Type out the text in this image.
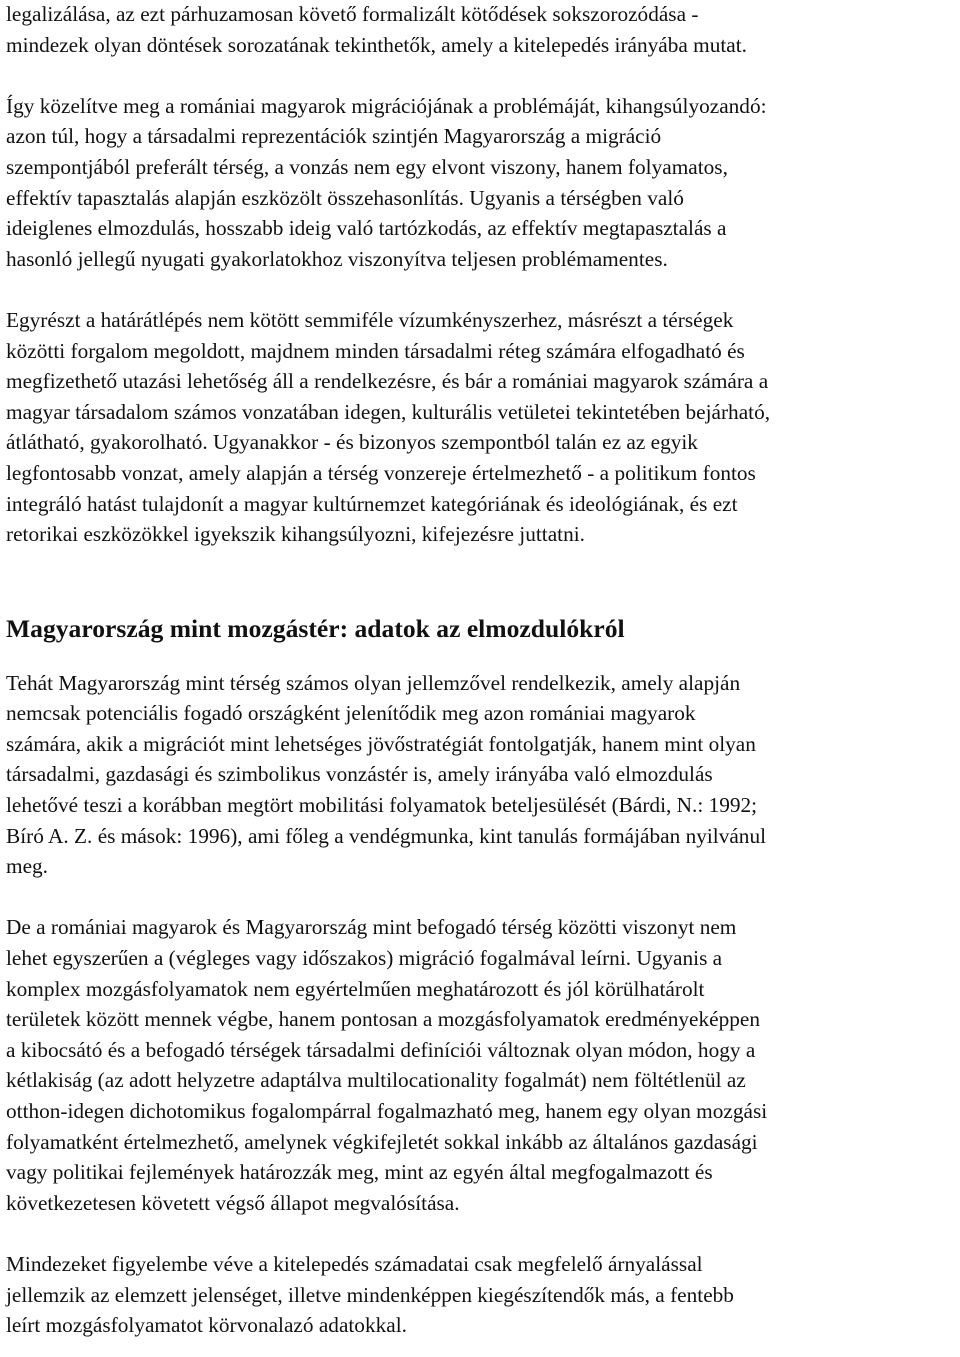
legalizálása, az ezt párhuzamosan követő formalizált kötődések sokszorozódása -
mindezek olyan döntések sorozatának tekinthetők, amely a kitelepedés irányába mutat.
Így közelítve meg a romániai magyarok migrációjának a problémáját, kihangsúlyozandó:
azon túl, hogy a társadalmi reprezentációk szintjén Magyarország a migráció
szempontjából preferált térség, a vonzás nem egy elvont viszony, hanem folyamatos,
effektív tapasztalás alapján eszközölt összehasonlítás. Ugyanis a térségben való
ideiglenes elmozdulás, hosszabb ideig való tartózkodás, az effektív megtapasztalás a
hasonló jellegű nyugati gyakorlatokhoz viszonyítva teljesen problémamentes.
Egyrészt a határátlépés nem kötött semmiféle vízumkényszerhez, másrészt a térségek
közötti forgalom megoldott, majdnem minden társadalmi réteg számára elfogadható és
megfizethető utazási lehetőség áll a rendelkezésre, és bár a romániai magyarok számára a
magyar társadalom számos vonzatában idegen, kulturális vetületei tekintetében bejárható,
átlátható, gyakorolható. Ugyanakkor - és bizonyos szempontból talán ez az egyik
legfontosabb vonzat, amely alapján a térség vonzereje értelmezhető - a politikum fontos
integráló hatást tulajdonít a magyar kultúrnemzet kategóriának és ideológiának, és ezt
retorikai eszközökkel igyekszik kihangsúlyozni, kifejezésre juttatni.
Magyarország mint mozgástér: adatok az elmozdulókról
Tehát Magyarország mint térség számos olyan jellemzővel rendelkezik, amely alapján
nemcsak potenciális fogadó országként jelenítődik meg azon romániai magyarok
számára, akik a migrációt mint lehetséges jövőstratégiát fontolgatják, hanem mint olyan
társadalmi, gazdasági és szimbolikus vonzástér is, amely irányába való elmozdulás
lehetővé teszi a korábban megtört mobilitási folyamatok beteljesülését (Bárdi, N.: 1992;
Bíró A. Z. és mások: 1996), ami főleg a vendégmunka, kint tanulás formájában nyilvánul
meg.
De a romániai magyarok és Magyarország mint befogadó térség közötti viszonyt nem
lehet egyszerűen a (végleges vagy időszakos) migráció fogalmával leírni. Ugyanis a
komplex mozgásfolyamatok nem egyértelműen meghatározott és jól körülhatárolt
területek között mennek végbe, hanem pontosan a mozgásfolyamatok eredményeképpen
a kibocsátó és a befogadó térségek társadalmi definíciói változnak olyan módon, hogy a
kétlakiság (az adott helyzetre adaptálva multilocationality fogalmát) nem föltétlenül az
otthon-idegen dichotomikus fogalompárral fogalmazható meg, hanem egy olyan mozgási
folyamatként értelmezhető, amelynek végkifejletét sokkal inkább az általános gazdasági
vagy politikai fejlemények határozzák meg, mint az egyén által megfogalmazott és
következetesen követett végső állapot megvalósítása.
Mindezeket figyelembe véve a kitelepedés számadatai csak megfelelő árnyalással
jellemzik az elemzett jelenséget, illetve mindenképpen kiegészítendők más, a fentebb
leírt mozgásfolyamatot körvonalazó adatokkal.
